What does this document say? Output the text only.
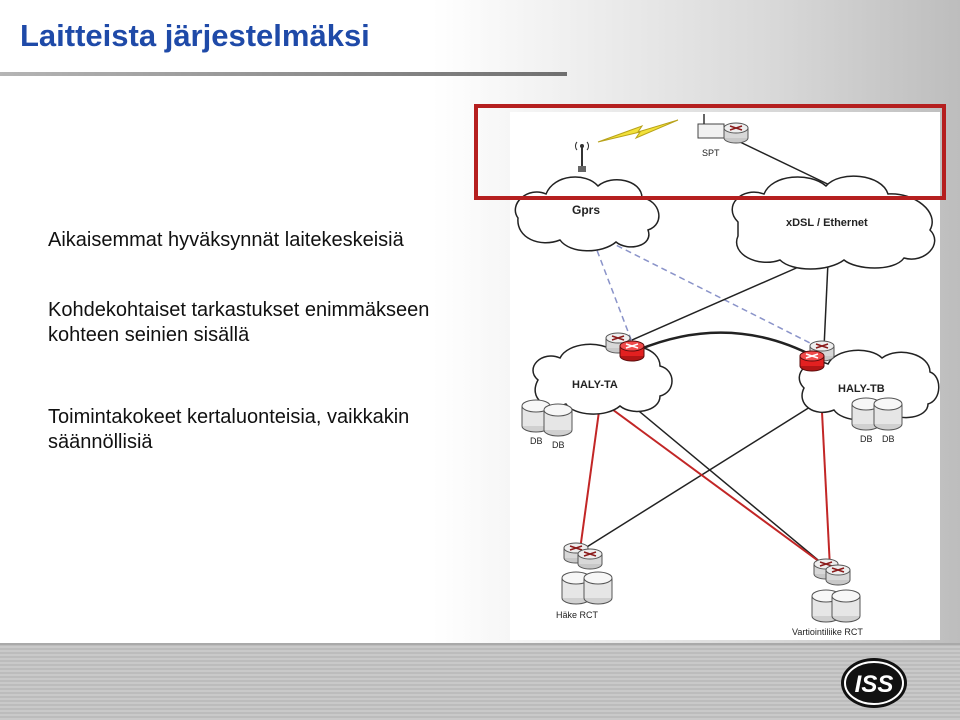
Laitteista järjestelmäksi

Aikaisemmat hyväksynnät laitekeskeisiä

Kohdekohtaiset tarkastukset enimmäkseen
kohteen seinien sisällä

Toimintakokeet kertaluonteisia, vaikkakin
säännöllisiä

SPT
Gprs
xDSL / Ethernet
HALY-TA	HALY-TB
DB DB
DB DB
Häke RCT
Vartiointiliike RCT
ISS
